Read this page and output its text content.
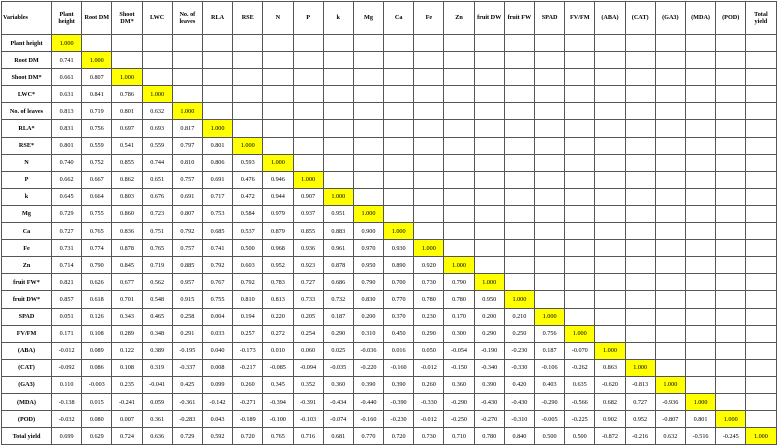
Variables	Plant height	Root DM	Shoot DM*	LWC	No. of leaves	RLA	RSE	N	P	k	Mg	Ca	Fe	Zn	fruit DW	fruit FW	SPAD	FV/FM	(ABA)	(CAT)	(GA3)	(MDA)	(POD)	Total yield
Plant height	1.000																							
Root DM	0.741	1.000																						
Shoot DM*	0.661	0.807	1.000																					
LWC*	0.631	0.841	0.786	1.000																				
No. of leaves	0.813	0.719	0.801	0.632	1.000																			
RLA*	0.831	0.756	0.697	0.693	0.817	1.000																		
RSE*	0.801	0.559	0.541	0.559	0.797	0.801	1.000																	
N	0.740	0.752	0.855	0.744	0.810	0.806	0.593	1.000																
P	0.662	0.667	0.862	0.651	0.757	0.691	0.476	0.946	1.000															
k	0.645	0.664	0.803	0.676	0.691	0.717	0.472	0.944	0.907	1.000														
Mg	0.729	0.755	0.860	0.723	0.807	0.753	0.584	0.979	0.937	0.951	1.000													
Ca	0.727	0.765	0.836	0.751	0.792	0.685	0.537	0.879	0.855	0.883	0.900	1.000												
Fe	0.731	0.774	0.878	0.765	0.757	0.741	0.500	0.968	0.936	0.961	0.970	0.930	1.000											
Zn	0.714	0.790	0.845	0.719	0.885	0.792	0.603	0.952	0.923	0.878	0.950	0.890	0.920	1.000										
fruit FW*	0.821	0.626	0.677	0.562	0.957	0.767	0.792	0.783	0.727	0.686	0.790	0.700	0.730	0.790	1.000									
fruit DW*	0.857	0.618	0.701	0.548	0.915	0.755	0.810	0.813	0.733	0.732	0.830	0.770	0.780	0.780	0.950	1.000								
SPAD	0.051	0.126	0.343	0.465	0.258	0.004	0.194	0.220	0.205	0.187	0.200	0.370	0.230	0.170	0.200	0.210	1.000							
FV/FM	0.171	0.108	0.289	0.348	0.291	0.033	0.257	0.272	0.254	0.290	0.310	0.450	0.290	0.300	0.290	0.250	0.756	1.000						
(ABA)	-0.012	0.089	0.122	0.389	-0.195	0.040	-0.173	0.010	0.060	0.025	-0.036	0.016	0.050	-0.054	-0.190	-0.230	0.187	-0.070	1.000					
(CAT)	-0.092	0.086	0.108	0.319	-0.337	0.008	-0.217	-0.085	-0.094	-0.035	-0.220	-0.160	-0.012	-0.150	-0.340	-0.330	-0.106	-0.262	0.863	1.000				
(GA3)	0.110	-0.003	0.235	-0.041	0.425	0.099	0.260	0.345	0.352	0.360	0.390	0.390	0.260	0.360	0.390	0.420	0.403	0.635	-0.620	-0.813	1.000			
(MDA)	-0.138	0.015	-0.241	0.059	-0.361	-0.142	-0.271	-0.394	-0.391	-0.434	-0.440	-0.390	-0.330	-0.290	-0.430	-0.430	-0.290	-0.566	0.682	0.727	-0.936	1.000		
(POD)	-0.032	0.080	0.007	0.361	-0.283	0.043	-0.189	-0.100	-0.103	-0.074	-0.160	-0.230	-0.012	-0.250	-0.270	-0.310	-0.005	-0.225	0.902	0.952	-0.807	0.801	1.000	
Total yield	0.699	0.629	0.724	0.636	0.729	0.592	0.720	0.765	0.716	0.681	0.770	0.720	0.730	0.710	0.780	0.840	0.500	0.500	-0.872	-0.216	0.632	-0.516	-0.245	1.000
